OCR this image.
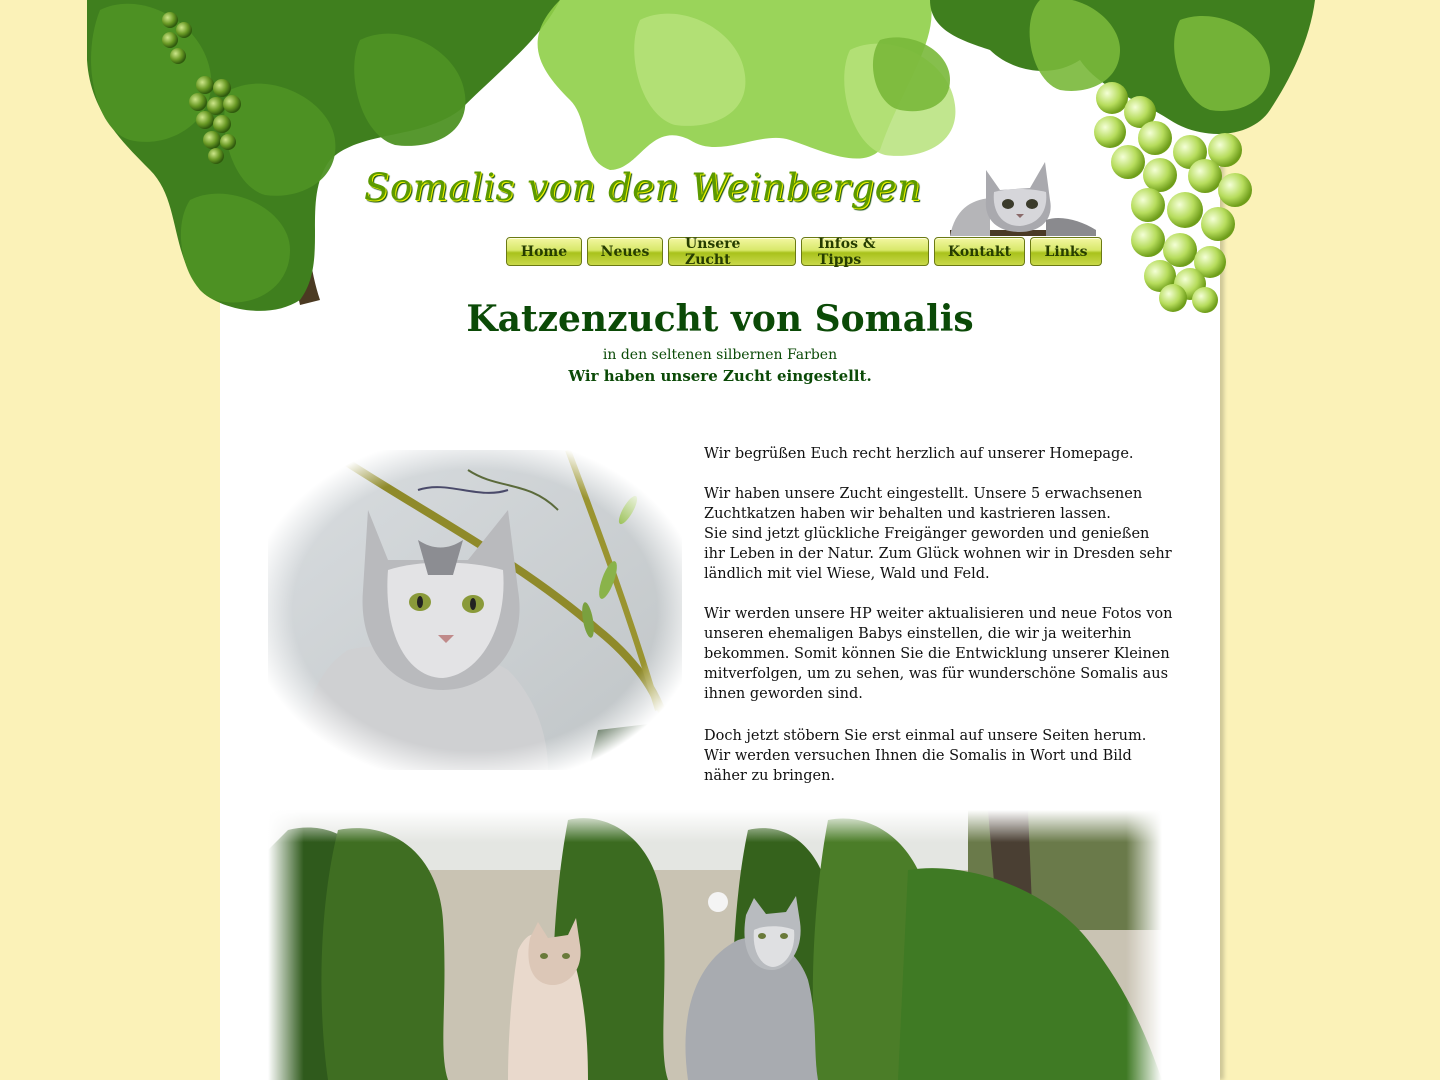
Somalis von den Weinbergen
Home	Neues	Unsere Zucht
Infos & Tipps	Kontakt	Links
Katzenzucht von Somalis
in den seltenen silbernen Farben
Wir haben unsere Zucht eingestellt.

Wir begrüßen Euch recht herzlich auf unserer Homepage.

Wir haben unsere Zucht eingestellt. Unsere 5 erwachsenen Zuchtkatzen haben wir behalten und kastrieren lassen.
Sie sind jetzt glückliche Freigänger geworden und genießen ihr Leben in der Natur. Zum Glück wohnen wir in Dresden sehr ländlich mit viel Wiese, Wald und Feld.

Wir werden unsere HP weiter aktualisieren und neue Fotos von unseren ehemaligen Babys einstellen, die wir ja weiterhin bekommen. Somit können Sie die Entwicklung unserer Kleinen mitverfolgen, um zu sehen, was für wunderschöne Somalis aus ihnen geworden sind.

Doch jetzt stöbern Sie erst einmal auf unsere Seiten herum.
Wir werden versuchen Ihnen die Somalis in Wort und Bild näher zu bringen.
